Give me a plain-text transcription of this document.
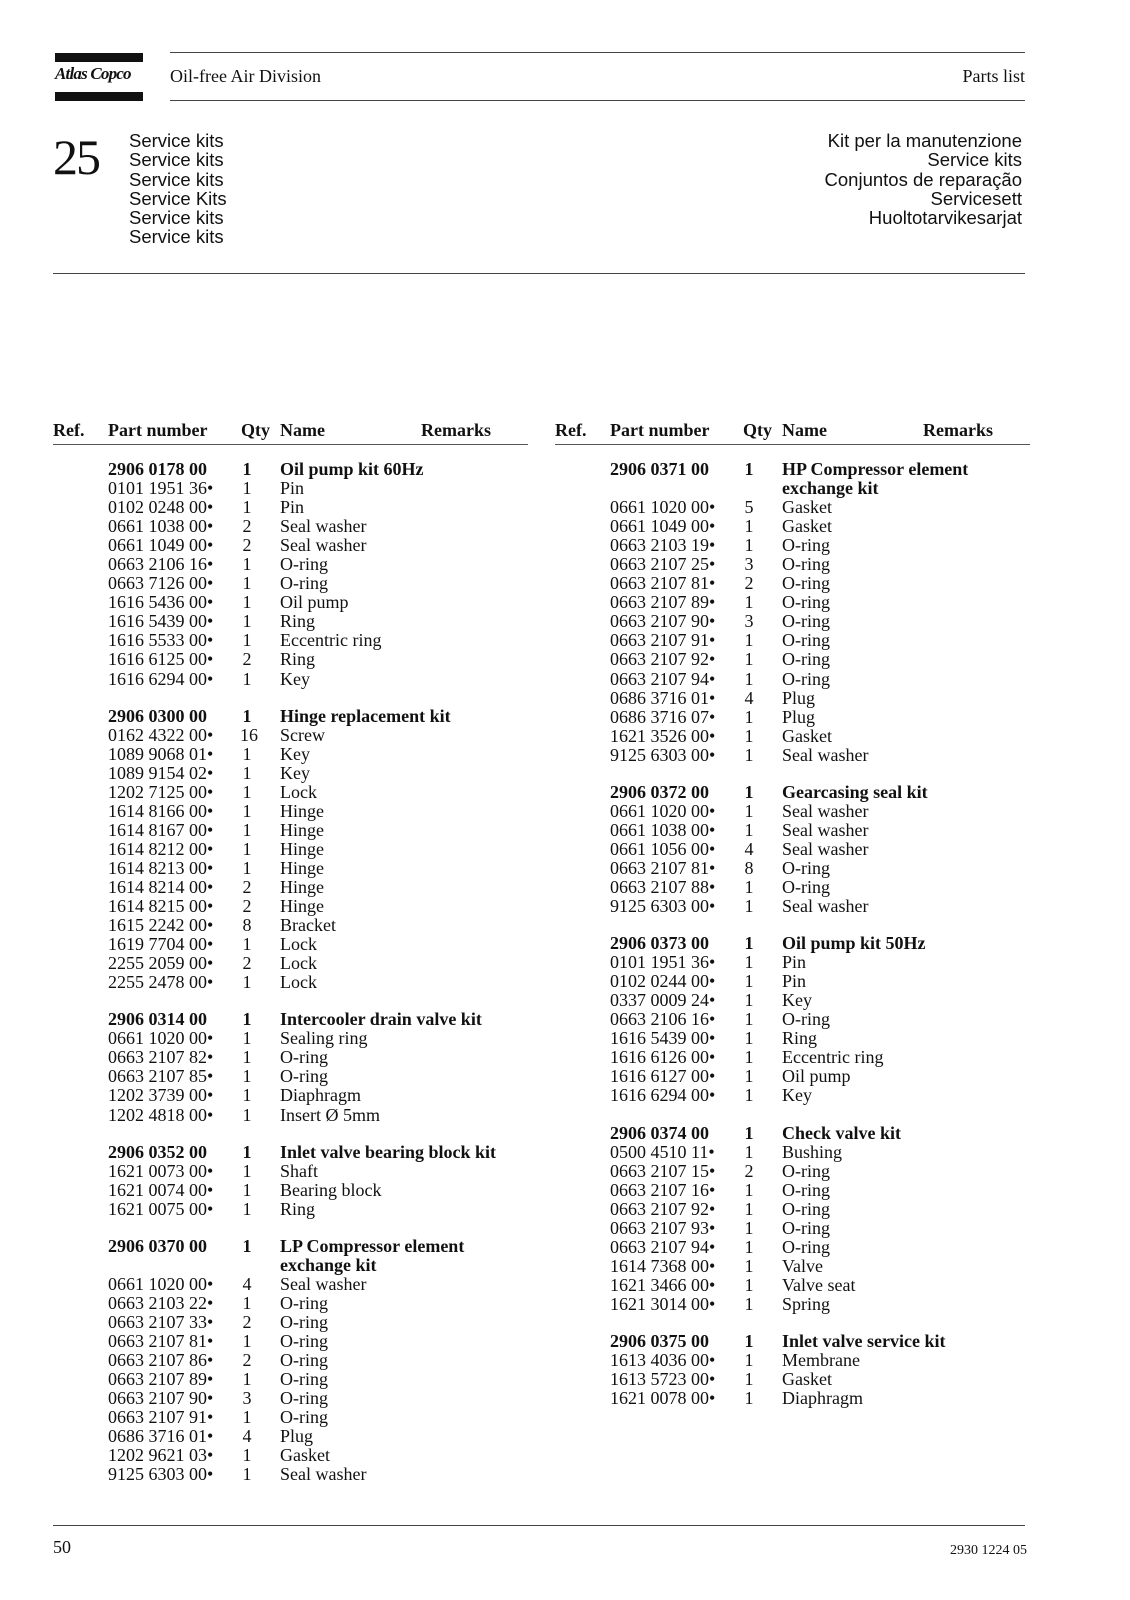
Atlas Copco	Oil-free Air Division	Parts list
25 Service kits
Service kits
Service kits
Service Kits
Service kits
Service kits
Kit per la manutenzione
Service kits
Conjuntos de reparação
Servicesett
Huoltotarvikesarjat
Ref. Part number Qty Name	Remarks
2906 0178 00 1 Oil pump kit 60Hz
0101 1951 36• 1 Pin
0102 0248 00• 1 Pin
0661 1038 00• 2 Seal washer
0661 1049 00• 2 Seal washer
0663 2106 16• 1 O-ring
0663 7126 00• 1 O-ring
1616 5436 00• 1 Oil pump
1616 5439 00• 1 Ring
1616 5533 00• 1 Eccentric ring
1616 6125 00• 2 Ring
1616 6294 00• 1 Key
2906 0300 00 1 Hinge replacement kit
0162 4322 00• 16 Screw
1089 9068 01• 1 Key
1089 9154 02• 1 Key
1202 7125 00• 1 Lock
1614 8166 00• 1 Hinge
1614 8167 00• 1 Hinge
1614 8212 00• 1 Hinge
1614 8213 00• 1 Hinge
1614 8214 00• 2 Hinge
1614 8215 00• 2 Hinge
1615 2242 00• 8 Bracket
1619 7704 00• 1 Lock
2255 2059 00• 2 Lock
2255 2478 00• 1 Lock
2906 0314 00 1 Intercooler drain valve kit
0661 1020 00• 1 Sealing ring
0663 2107 82• 1 O-ring
0663 2107 85• 1 O-ring
1202 3739 00• 1 Diaphragm
1202 4818 00• 1 Insert Ø 5mm
2906 0352 00 1 Inlet valve bearing block kit
1621 0073 00• 1 Shaft
1621 0074 00• 1 Bearing block
1621 0075 00• 1 Ring
2906 0370 00 1 LP Compressor element
exchange kit
0661 1020 00• 4 Seal washer
0663 2103 22• 1 O-ring
0663 2107 33• 2 O-ring
0663 2107 81• 1 O-ring
0663 2107 86• 2 O-ring
0663 2107 89• 1 O-ring
0663 2107 90• 3 O-ring
0663 2107 91• 1 O-ring
0686 3716 01• 4 Plug
1202 9621 03• 1 Gasket
9125 6303 00• 1 Seal washer
Ref. Part number Qty Name	Remarks
2906 0371 00 1 HP Compressor element
exchange kit
0661 1020 00• 5 Gasket
0661 1049 00• 1 Gasket
0663 2103 19• 1 O-ring
0663 2107 25• 3 O-ring
0663 2107 81• 2 O-ring
0663 2107 89• 1 O-ring
0663 2107 90• 3 O-ring
0663 2107 91• 1 O-ring
0663 2107 92• 1 O-ring
0663 2107 94• 1 O-ring
0686 3716 01• 4 Plug
0686 3716 07• 1 Plug
1621 3526 00• 1 Gasket
9125 6303 00• 1 Seal washer
2906 0372 00 1 Gearcasing seal kit
0661 1020 00• 1 Seal washer
0661 1038 00• 1 Seal washer
0661 1056 00• 4 Seal washer
0663 2107 81• 8 O-ring
0663 2107 88• 1 O-ring
9125 6303 00• 1 Seal washer
2906 0373 00 1 Oil pump kit 50Hz
0101 1951 36• 1 Pin
0102 0244 00• 1 Pin
0337 0009 24• 1 Key
0663 2106 16• 1 O-ring
1616 5439 00• 1 Ring
1616 6126 00• 1 Eccentric ring
1616 6127 00• 1 Oil pump
1616 6294 00• 1 Key
2906 0374 00 1 Check valve kit
0500 4510 11• 1 Bushing
0663 2107 15• 2 O-ring
0663 2107 16• 1 O-ring
0663 2107 92• 1 O-ring
0663 2107 93• 1 O-ring
0663 2107 94• 1 O-ring
1614 7368 00• 1 Valve
1621 3466 00• 1 Valve seat
1621 3014 00• 1 Spring
2906 0375 00 1 Inlet valve service kit
1613 4036 00• 1 Membrane
1613 5723 00• 1 Gasket
1621 0078 00• 1 Diaphragm
50	2930 1224 05
